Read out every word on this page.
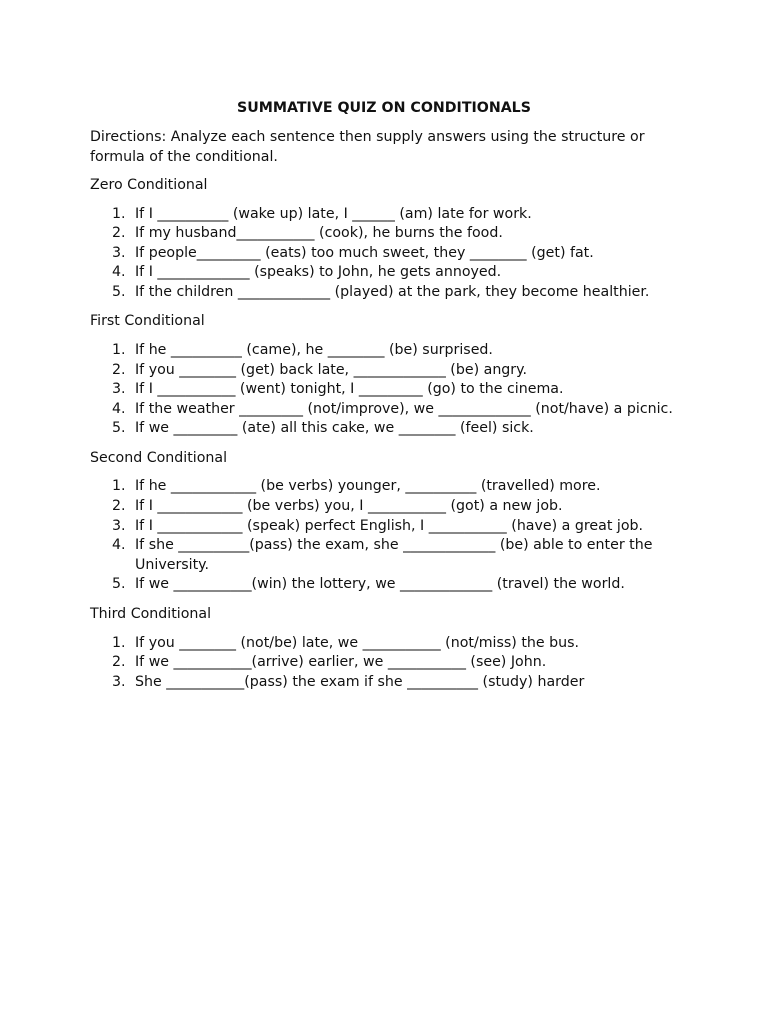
SUMMATIVE QUIZ ON CONDITIONALS
Directions: Analyze each sentence then supply answers using the structure or formula of the conditional.
Zero Conditional
1. If I __________ (wake up) late, I ______ (am) late for work.
2. If my husband___________ (cook), he burns the food.
3. If people_________ (eats) too much sweet, they ________ (get) fat.
4. If I _____________ (speaks) to John, he gets annoyed.
5. If the children _____________ (played) at the park, they become healthier.
First Conditional
1. If he __________ (came), he ________ (be) surprised.
2. If you ________ (get) back late, _____________ (be) angry.
3. If I ___________ (went) tonight, I _________ (go) to the cinema.
4. If the weather _________ (not/improve), we _____________ (not/have) a picnic.
5. If we _________ (ate) all this cake, we ________ (feel) sick.
Second Conditional
1. If he ____________ (be verbs) younger, __________ (travelled) more.
2. If I ____________ (be verbs) you, I ___________ (got) a new job.
3. If I ____________ (speak) perfect English, I ___________ (have) a great job.
4. If she __________(pass) the exam, she _____________ (be) able to enter the University.
5. If we ___________(win) the lottery, we _____________ (travel) the world.
Third Conditional
1. If you ________ (not/be) late, we ___________ (not/miss) the bus.
2. If we ___________(arrive) earlier, we ___________ (see) John.
3. She ___________(pass) the exam if she __________ (study) harder
